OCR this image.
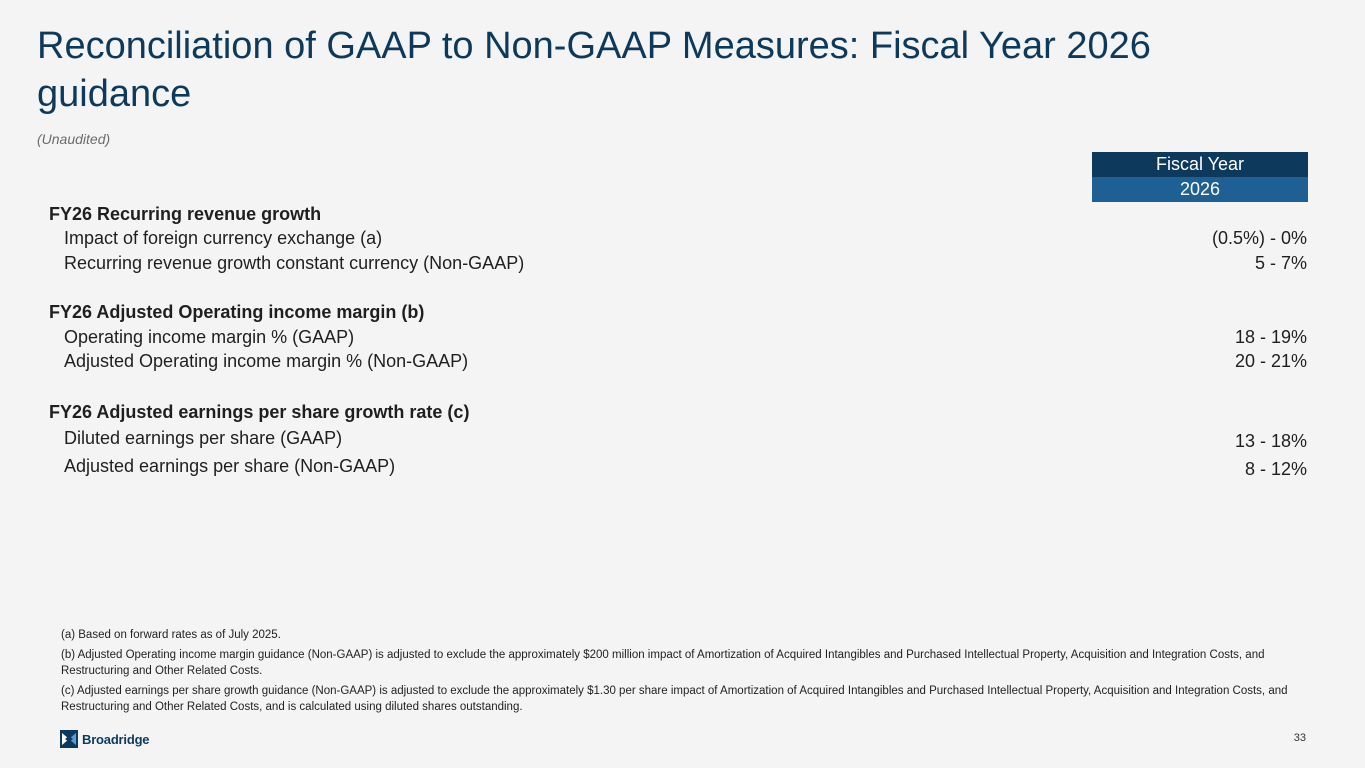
Reconciliation of GAAP to Non-GAAP Measures: Fiscal Year 2026 guidance
(Unaudited)
Fiscal Year
2026
FY26 Recurring revenue growth
Impact of foreign currency exchange (a)	(0.5%) - 0%
Recurring revenue growth constant currency (Non-GAAP)	5 - 7%
FY26 Adjusted Operating income margin (b)
Operating income margin % (GAAP)	18 - 19%
Adjusted Operating income margin % (Non-GAAP)	20 - 21%
FY26 Adjusted earnings per share growth rate (c)
Diluted earnings per share (GAAP)	13 - 18%
Adjusted earnings per share (Non-GAAP)	8 - 12%

(a) Based on forward rates as of July 2025.

(b) Adjusted Operating income margin guidance (Non-GAAP) is adjusted to exclude the approximately $200 million impact of Amortization of Acquired Intangibles and Purchased Intellectual Property, Acquisition and Integration Costs, and Restructuring and Other Related Costs.

(c) Adjusted earnings per share growth guidance (Non-GAAP) is adjusted to exclude the approximately $1.30 per share impact of Amortization of Acquired Intangibles and Purchased Intellectual Property, Acquisition and Integration Costs, and Restructuring and Other Related Costs, and is calculated using diluted shares outstanding.

Broadridge	33
